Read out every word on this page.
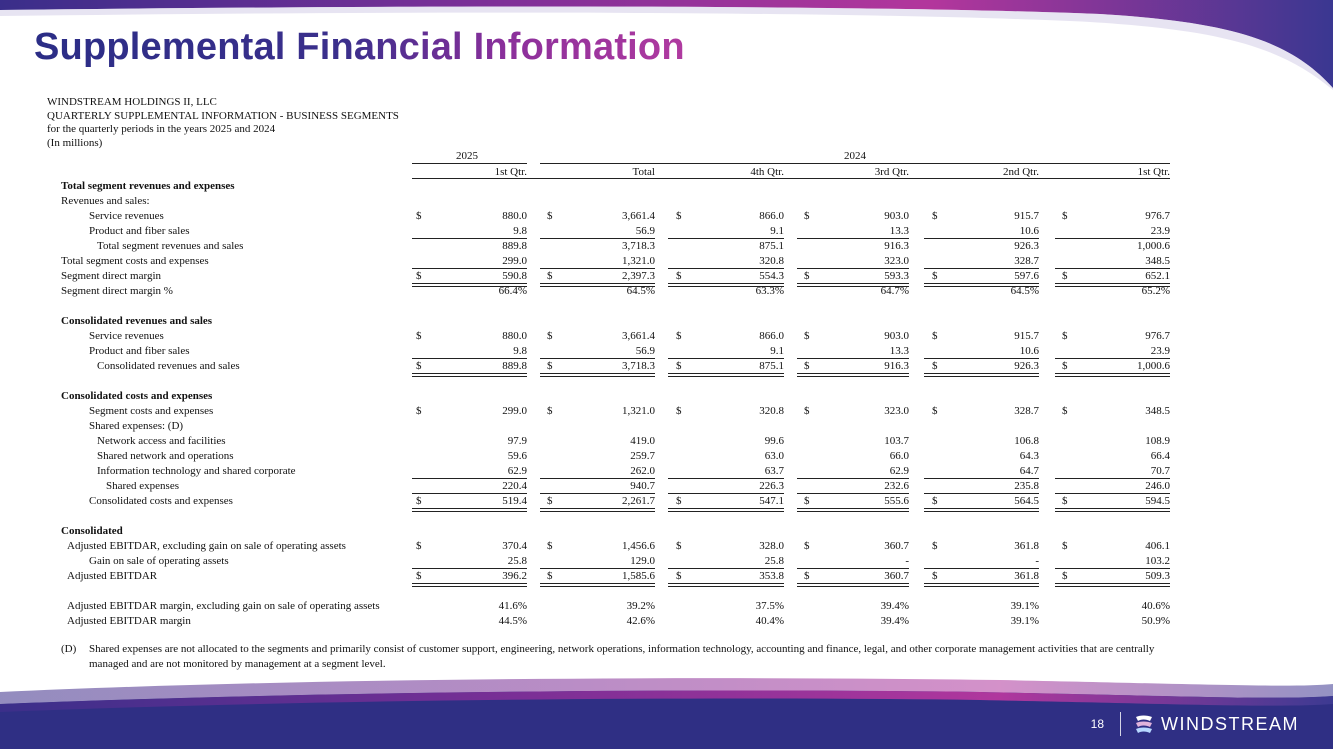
Supplemental Financial Information
WINDSTREAM HOLDINGS II, LLC
QUARTERLY SUPPLEMENTAL INFORMATION - BUSINESS SEGMENTS
for the quarterly periods in the years 2025 and 2024
(In millions)
2025	2024
1st Qtr.	Total	4th Qtr.	3rd Qtr.	2nd Qtr.	1st Qtr.
Total segment revenues and expenses
Revenues and sales:
Service revenues	$	880.0 $	3,661.4 $	866.0 $	903.0 $	915.7 $	976.7
Product and fiber sales	9.8	56.9	9.1	13.3	10.6	23.9
Total segment revenues and sales	889.8	3,718.3	875.1	916.3	926.3	1,000.6
Total segment costs and expenses	299.0	1,321.0	320.8	323.0	328.7	348.5
Segment direct margin	$	590.8 $	2,397.3 $	554.3 $	593.3 $	597.6 $	652.1
Segment direct margin %	66.4%	64.5%	63.3%	64.7%	64.5%	65.2%
Consolidated revenues and sales
Service revenues	$	880.0 $	3,661.4 $	866.0 $	903.0 $	915.7 $	976.7
Product and fiber sales	9.8	56.9	9.1	13.3	10.6	23.9
Consolidated revenues and sales	$	889.8 $	3,718.3 $	875.1 $	916.3 $	926.3 $	1,000.6
Consolidated costs and expenses
Segment costs and expenses	$	299.0 $	1,321.0 $	320.8 $	323.0 $	328.7 $	348.5
Shared expenses: (D)
Network access and facilities	97.9	419.0	99.6	103.7	106.8	108.9
Shared network and operations	59.6	259.7	63.0	66.0	64.3	66.4
Information technology and shared corporate	62.9	262.0	63.7	62.9	64.7	70.7
Shared expenses	220.4	940.7	226.3	232.6	235.8	246.0
Consolidated costs and expenses	$	519.4 $	2,261.7 $	547.1 $	555.6 $	564.5 $	594.5
Consolidated
Adjusted EBITDAR, excluding gain on sale of operating assets	$	370.4 $	1,456.6 $	328.0 $	360.7 $	361.8 $	406.1
Gain on sale of operating assets	25.8	129.0	25.8	-	-	103.2
Adjusted EBITDAR	$	396.2 $	1,585.6 $	353.8 $	360.7 $	361.8 $	509.3
Adjusted EBITDAR margin, excluding gain on sale of operating assets	41.6%	39.2%	37.5%	39.4%	39.1%	40.6%
Adjusted EBITDAR margin	44.5%	42.6%	40.4%	39.4%	39.1%	50.9%
(D) Shared expenses are not allocated to the segments and primarily consist of customer support, engineering, network operations, information technology, accounting and finance, legal, and other corporate management activities that are centrally managed and are not monitored by management at a segment level.
18	WINDSTREAM
